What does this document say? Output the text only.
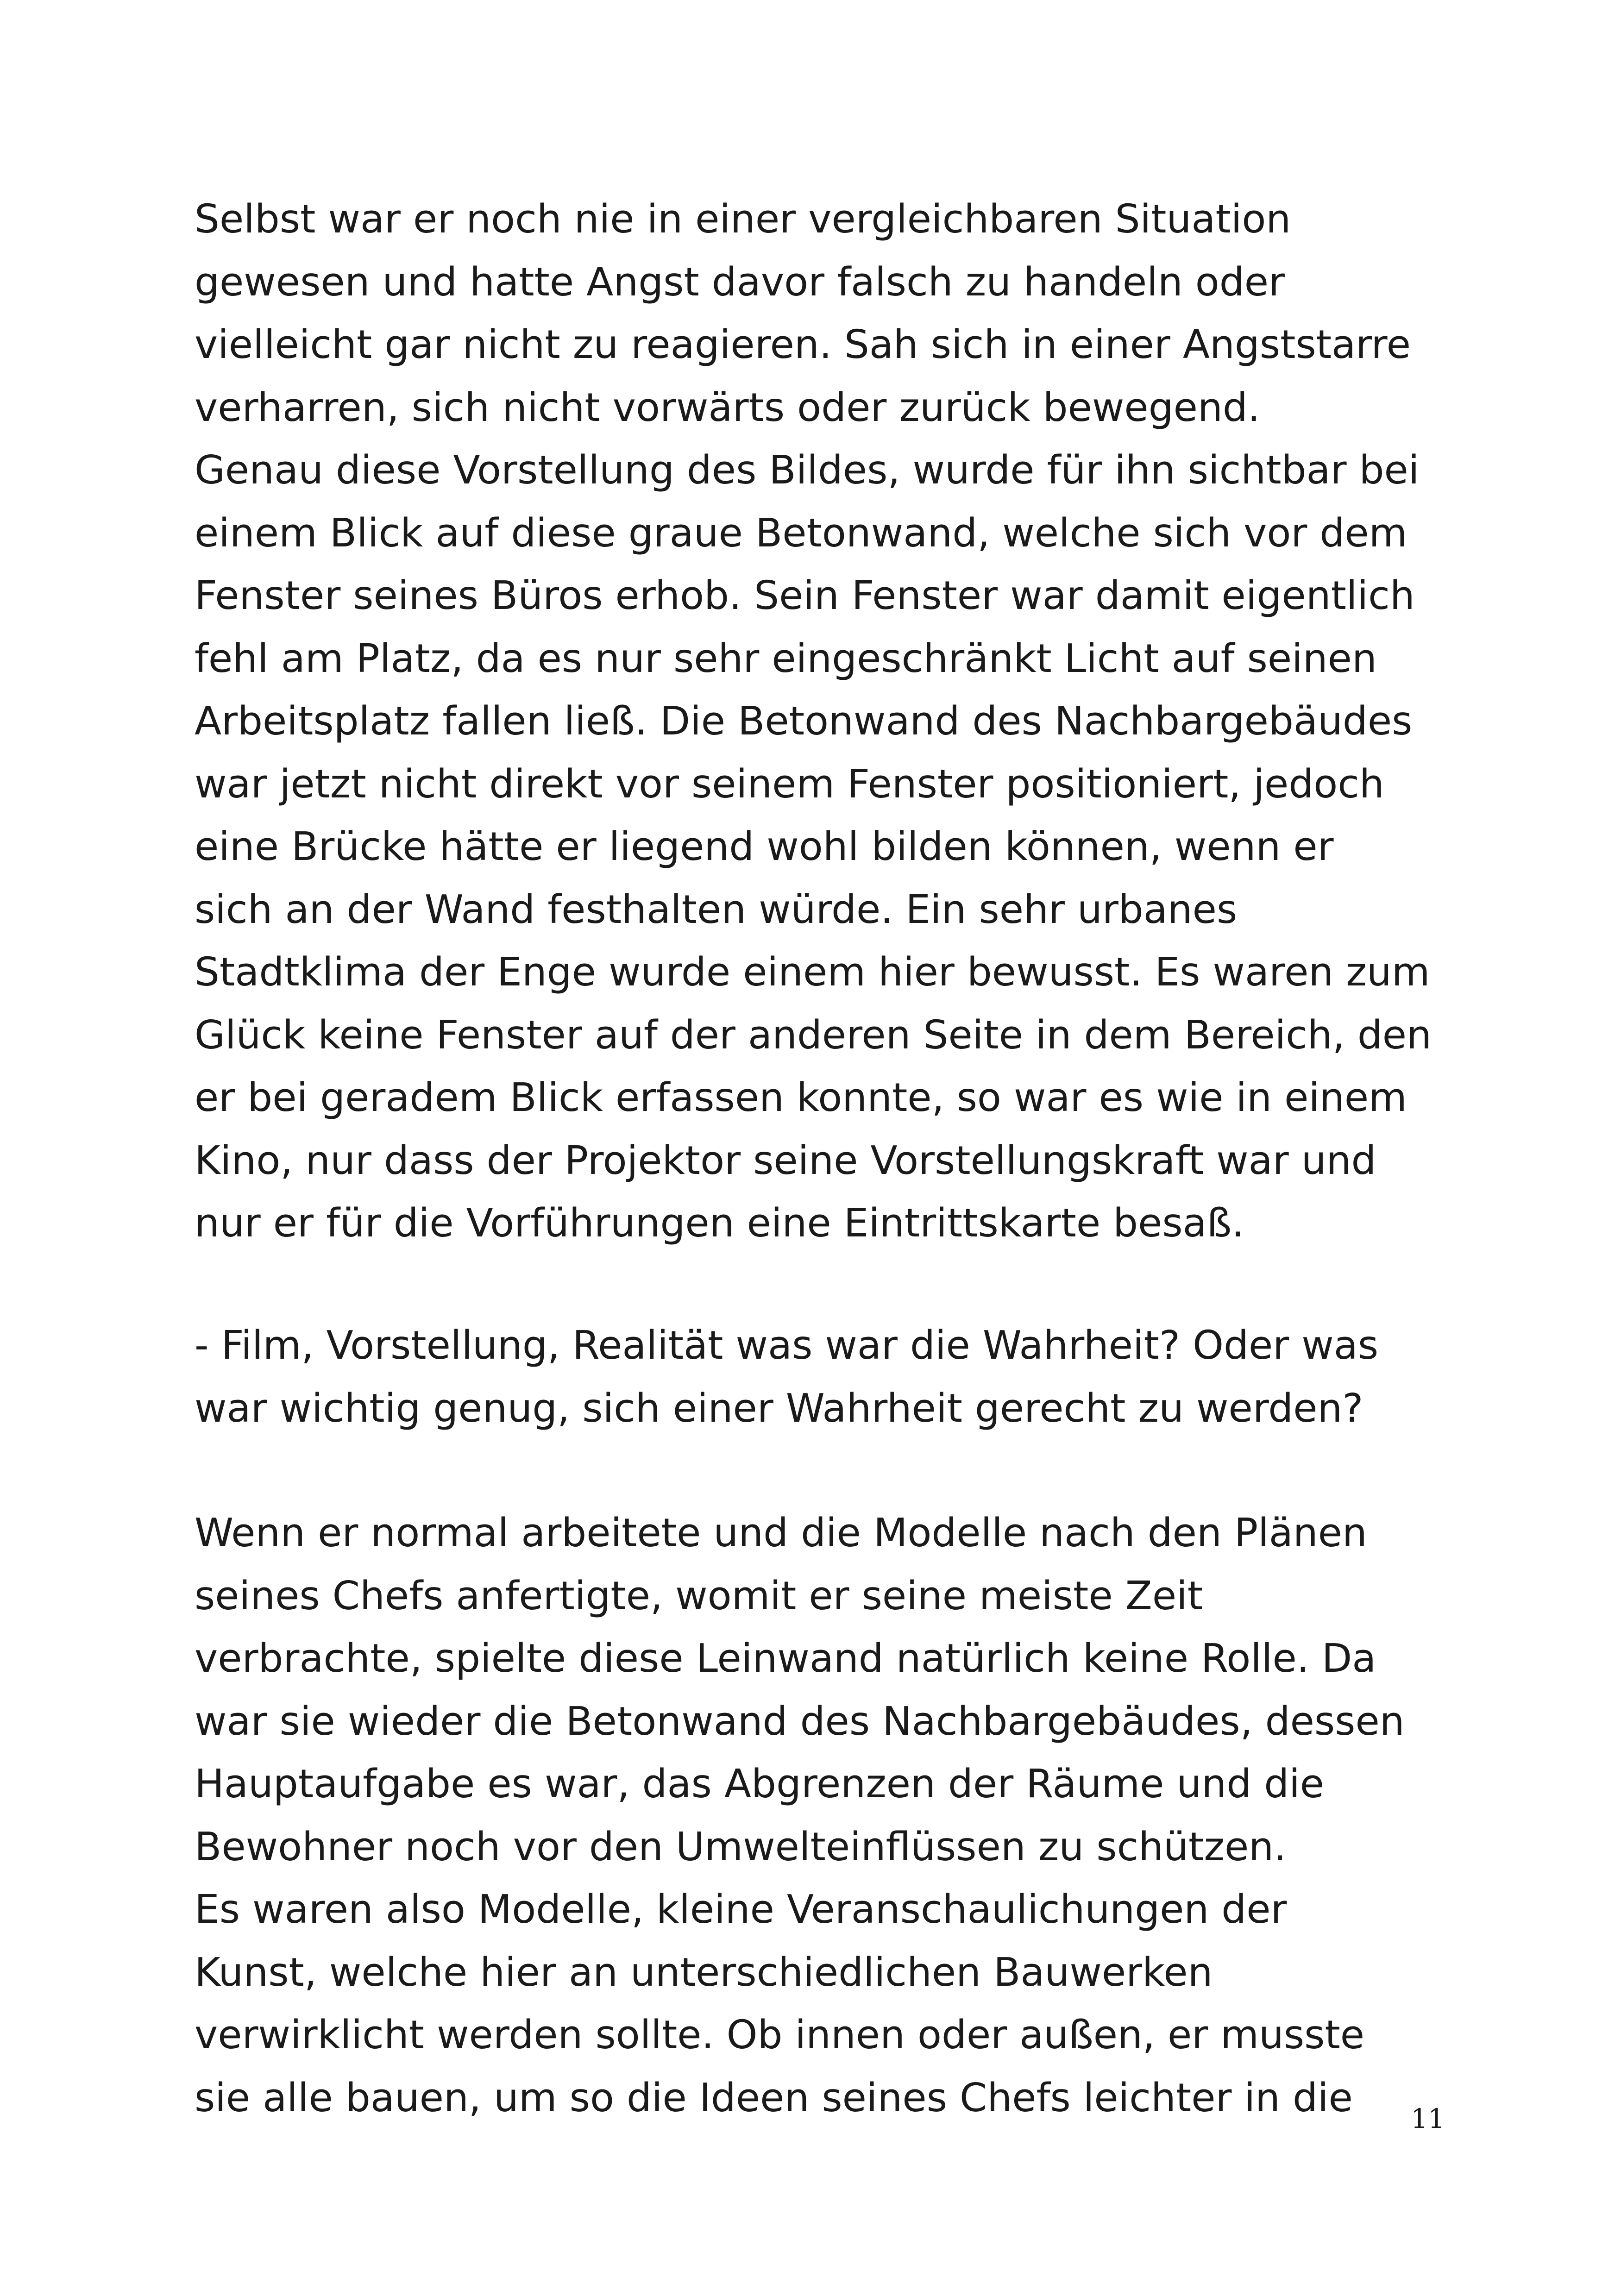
Selbst war er noch nie in einer vergleichbaren Situation
gewesen und hatte Angst davor falsch zu handeln oder
vielleicht gar nicht zu reagieren. Sah sich in einer Angststarre
verharren, sich nicht vorwärts oder zurück bewegend.
Genau diese Vorstellung des Bildes, wurde für ihn sichtbar bei
einem Blick auf diese graue Betonwand, welche sich vor dem
Fenster seines Büros erhob. Sein Fenster war damit eigentlich
fehl am Platz, da es nur sehr eingeschränkt Licht auf seinen
Arbeitsplatz fallen ließ. Die Betonwand des Nachbargebäudes
war jetzt nicht direkt vor seinem Fenster positioniert, jedoch
eine Brücke hätte er liegend wohl bilden können, wenn er
sich an der Wand festhalten würde. Ein sehr urbanes
Stadtklima der Enge wurde einem hier bewusst. Es waren zum
Glück keine Fenster auf der anderen Seite in dem Bereich, den
er bei geradem Blick erfassen konnte, so war es wie in einem
Kino, nur dass der Projektor seine Vorstellungskraft war und
nur er für die Vorführungen eine Eintrittskarte besaß.
- Film, Vorstellung, Realität was war die Wahrheit? Oder was
war wichtig genug, sich einer Wahrheit gerecht zu werden?
Wenn er normal arbeitete und die Modelle nach den Plänen
seines Chefs anfertigte, womit er seine meiste Zeit
verbrachte, spielte diese Leinwand natürlich keine Rolle. Da
war sie wieder die Betonwand des Nachbargebäudes, dessen
Hauptaufgabe es war, das Abgrenzen der Räume und die
Bewohner noch vor den Umwelteinflüssen zu schützen.
Es waren also Modelle, kleine Veranschaulichungen der
Kunst, welche hier an unterschiedlichen Bauwerken
verwirklicht werden sollte. Ob innen oder außen, er musste
sie alle bauen, um so die Ideen seines Chefs leichter in die	11
